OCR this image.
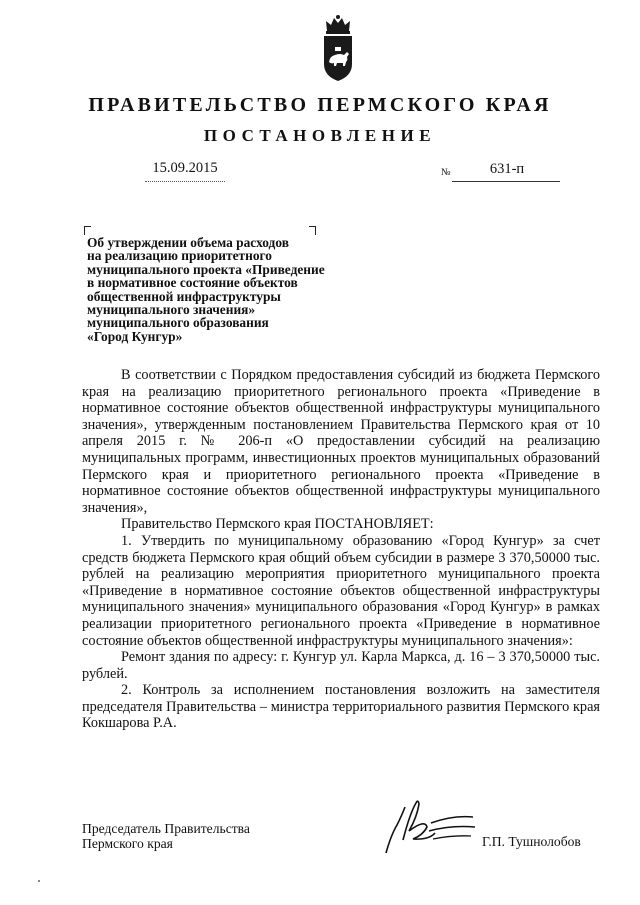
ПРАВИТЕЛЬСТВО ПЕРМСКОГО КРАЯ
ПОСТАНОВЛЕНИЕ
15.09.2015	№	631-п
Об утверждении объема расходов
на реализацию приоритетного
муниципального проекта «Приведение
в нормативное состояние объектов
общественной инфраструктуры
муниципального значения»
муниципального образования
«Город Кунгур»

В соответствии с Порядком предоставления субсидий из бюджета Пермского края на реализацию приоритетного регионального проекта «Приведение в нормативное состояние объектов общественной инфраструктуры муниципального значения», утвержденным постановлением Правительства Пермского края от 10 апреля 2015 г. № 206-п «О предоставлении субсидий на реализацию муниципальных программ, инвестиционных проектов муниципальных образований Пермского края и приоритетного регионального проекта «Приведение в нормативное состояние объектов общественной инфраструктуры муниципального значения»,

Правительство Пермского края ПОСТАНОВЛЯЕТ:

1. Утвердить по муниципальному образованию «Город Кунгур» за счет средств бюджета Пермского края общий объем субсидии в размере 3 370,50000 тыс. рублей на реализацию мероприятия приоритетного муниципального проекта «Приведение в нормативное состояние объектов общественной инфраструктуры муниципального значения» муниципального образования «Город Кунгур» в рамках реализации приоритетного регионального проекта «Приведение в нормативное состояние объектов общественной инфраструктуры муниципального значения»:

Ремонт здания по адресу: г. Кунгур ул. Карла Маркса, д. 16 – 3 370,50000 тыс. рублей.

2. Контроль за исполнением постановления возложить на заместителя председателя Правительства – министра территориального развития Пермского края Кокшарова Р.А.

Председатель Правительства
Пермского края	Г.П. Тушнолобов
